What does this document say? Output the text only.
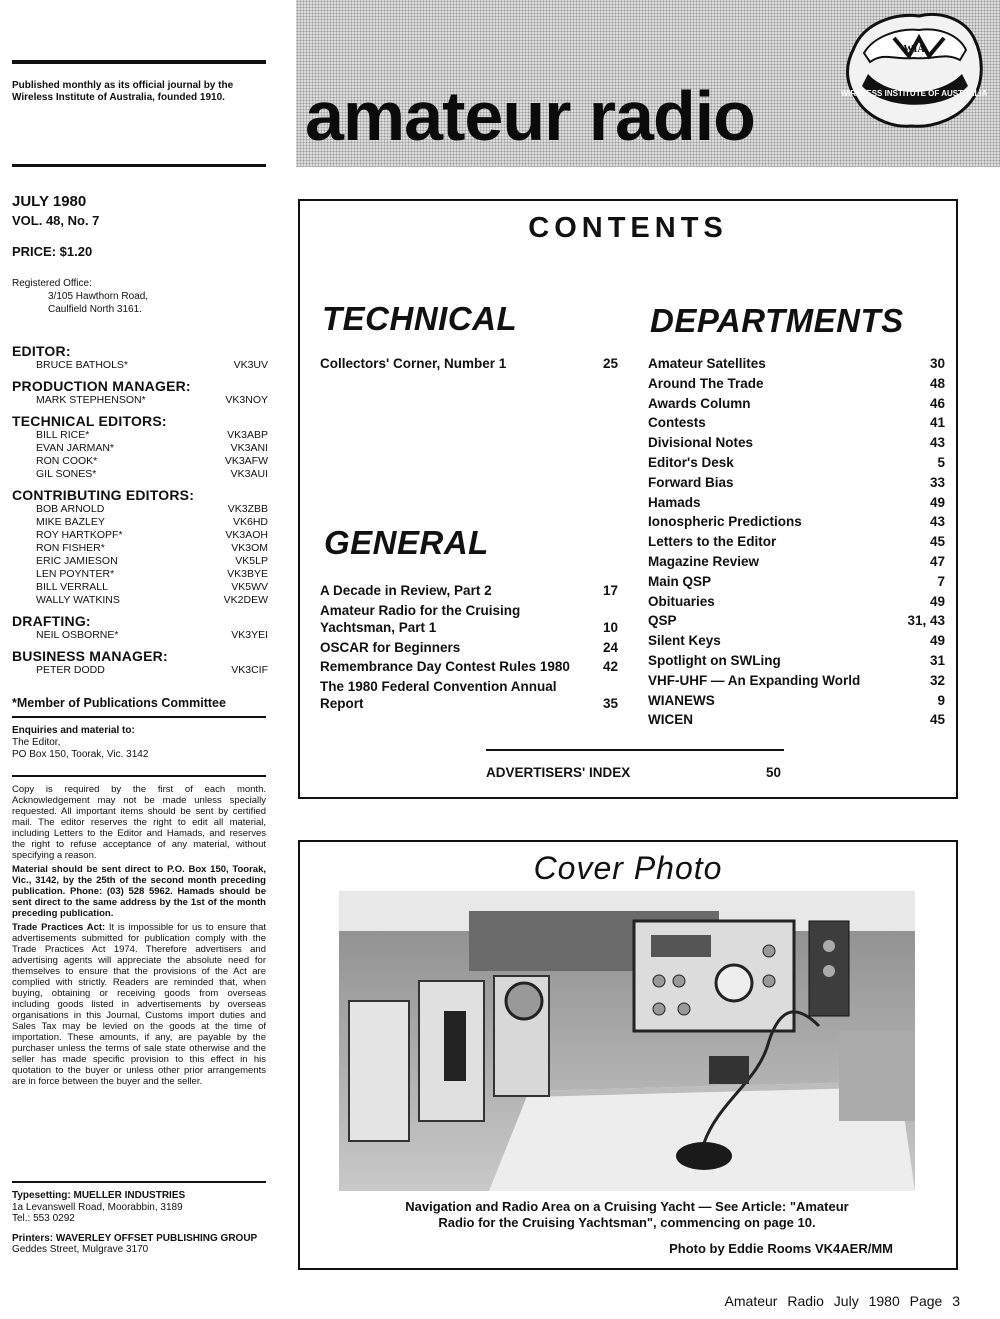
Published monthly as its official journal by the Wireless Institute of Australia, founded 1910.
JULY 1980
VOL. 48, No. 7
PRICE: $1.20
Registered Office:
3/105 Hawthorn Road,
Caulfield North 3161.
EDITOR:
BRUCE BATHOLS*	VK3UV
PRODUCTION MANAGER:
MARK STEPHENSON*	VK3NOY
TECHNICAL EDITORS:
BILL RICE*	VK3ABP
EVAN JARMAN*	VK3ANI
RON COOK*	VK3AFW
GIL SONES*	VK3AUI
CONTRIBUTING EDITORS:
BOB ARNOLD	VK3ZBB
MIKE BAZLEY	VK6HD
ROY HARTKOPF*	VK3AOH
RON FISHER*	VK3OM
ERIC JAMIESON	VK5LP
LEN POYNTER*	VK3BYE
BILL VERRALL	VK5WV
WALLY WATKINS	VK2DEW
DRAFTING:
NEIL OSBORNE*	VK3YEI
BUSINESS MANAGER:
PETER DODD	VK3CIF
*Member of Publications Committee
Enquiries and material to:
The Editor,
PO Box 150, Toorak, Vic. 3142

Copy is required by the first of each month. Acknowledgement may not be made unless specially requested. All important items should be sent by certified mail. The editor reserves the right to edit all material, including Letters to the Editor and Hamads, and reserves the right to refuse acceptance of any material, without specifying a reason.

Material should be sent direct to P.O. Box 150, Toorak, Vic., 3142, by the 25th of the second month preceding publication. Phone: (03) 528 5962. Hamads should be sent direct to the same address by the 1st of the month preceding publication.

Trade Practices Act: It is impossible for us to ensure that advertisements submitted for publication comply with the Trade Practices Act 1974. Therefore advertisers and advertising agents will appreciate the absolute need for themselves to ensure that the provisions of the Act are complied with strictly. Readers are reminded that, when buying, obtaining or receiving goods from overseas including goods listed in advertisements by overseas organisations in this Journal, Customs import duties and Sales Tax may be levied on the goods at the time of importation. These amounts, if any, are payable by the purchaser unless the terms of sale state otherwise and the seller has made specific provision to this effect in his quotation to the buyer or unless other prior arrangements are in force between the buyer and the seller.

Typesetting: MUELLER INDUSTRIES
1a Levanswell Road, Moorabbin, 3189
Tel.: 553 0292

Printers: WAVERLEY OFFSET PUBLISHING GROUP
Geddes Street, Mulgrave 3170

amateur radio	WIRELESS INSTITUTE OF AUSTRALIA
WIA
CONTENTS
TECHNICAL
Collectors' Corner, Number 1	25
GENERAL
A Decade in Review, Part 2	17
Amateur Radio for the Cruising Yachtsman, Part 1	10
OSCAR for Beginners	24
Remembrance Day Contest Rules 1980	42
The 1980 Federal Convention Annual Report	35
DEPARTMENTS
Amateur Satellites	30
Around The Trade	48
Awards Column	46
Contests	41
Divisional Notes	43
Editor's Desk	5
Forward Bias	33
Hamads	49
Ionospheric Predictions	43
Letters to the Editor	45
Magazine Review	47
Main QSP	7
Obituaries	49
QSP	31, 43
Silent Keys	49
Spotlight on SWLing	31
VHF-UHF — An Expanding World	32
WIANEWS	9
WICEN	45
ADVERTISERS' INDEX	50
Cover Photo
Navigation and Radio Area on a Cruising Yacht — See Article: "Amateur
Radio for the Cruising Yachtsman", commencing on page 10.
Photo by Eddie Rooms VK4AER/MM
Amateur Radio July 1980 Page 3
